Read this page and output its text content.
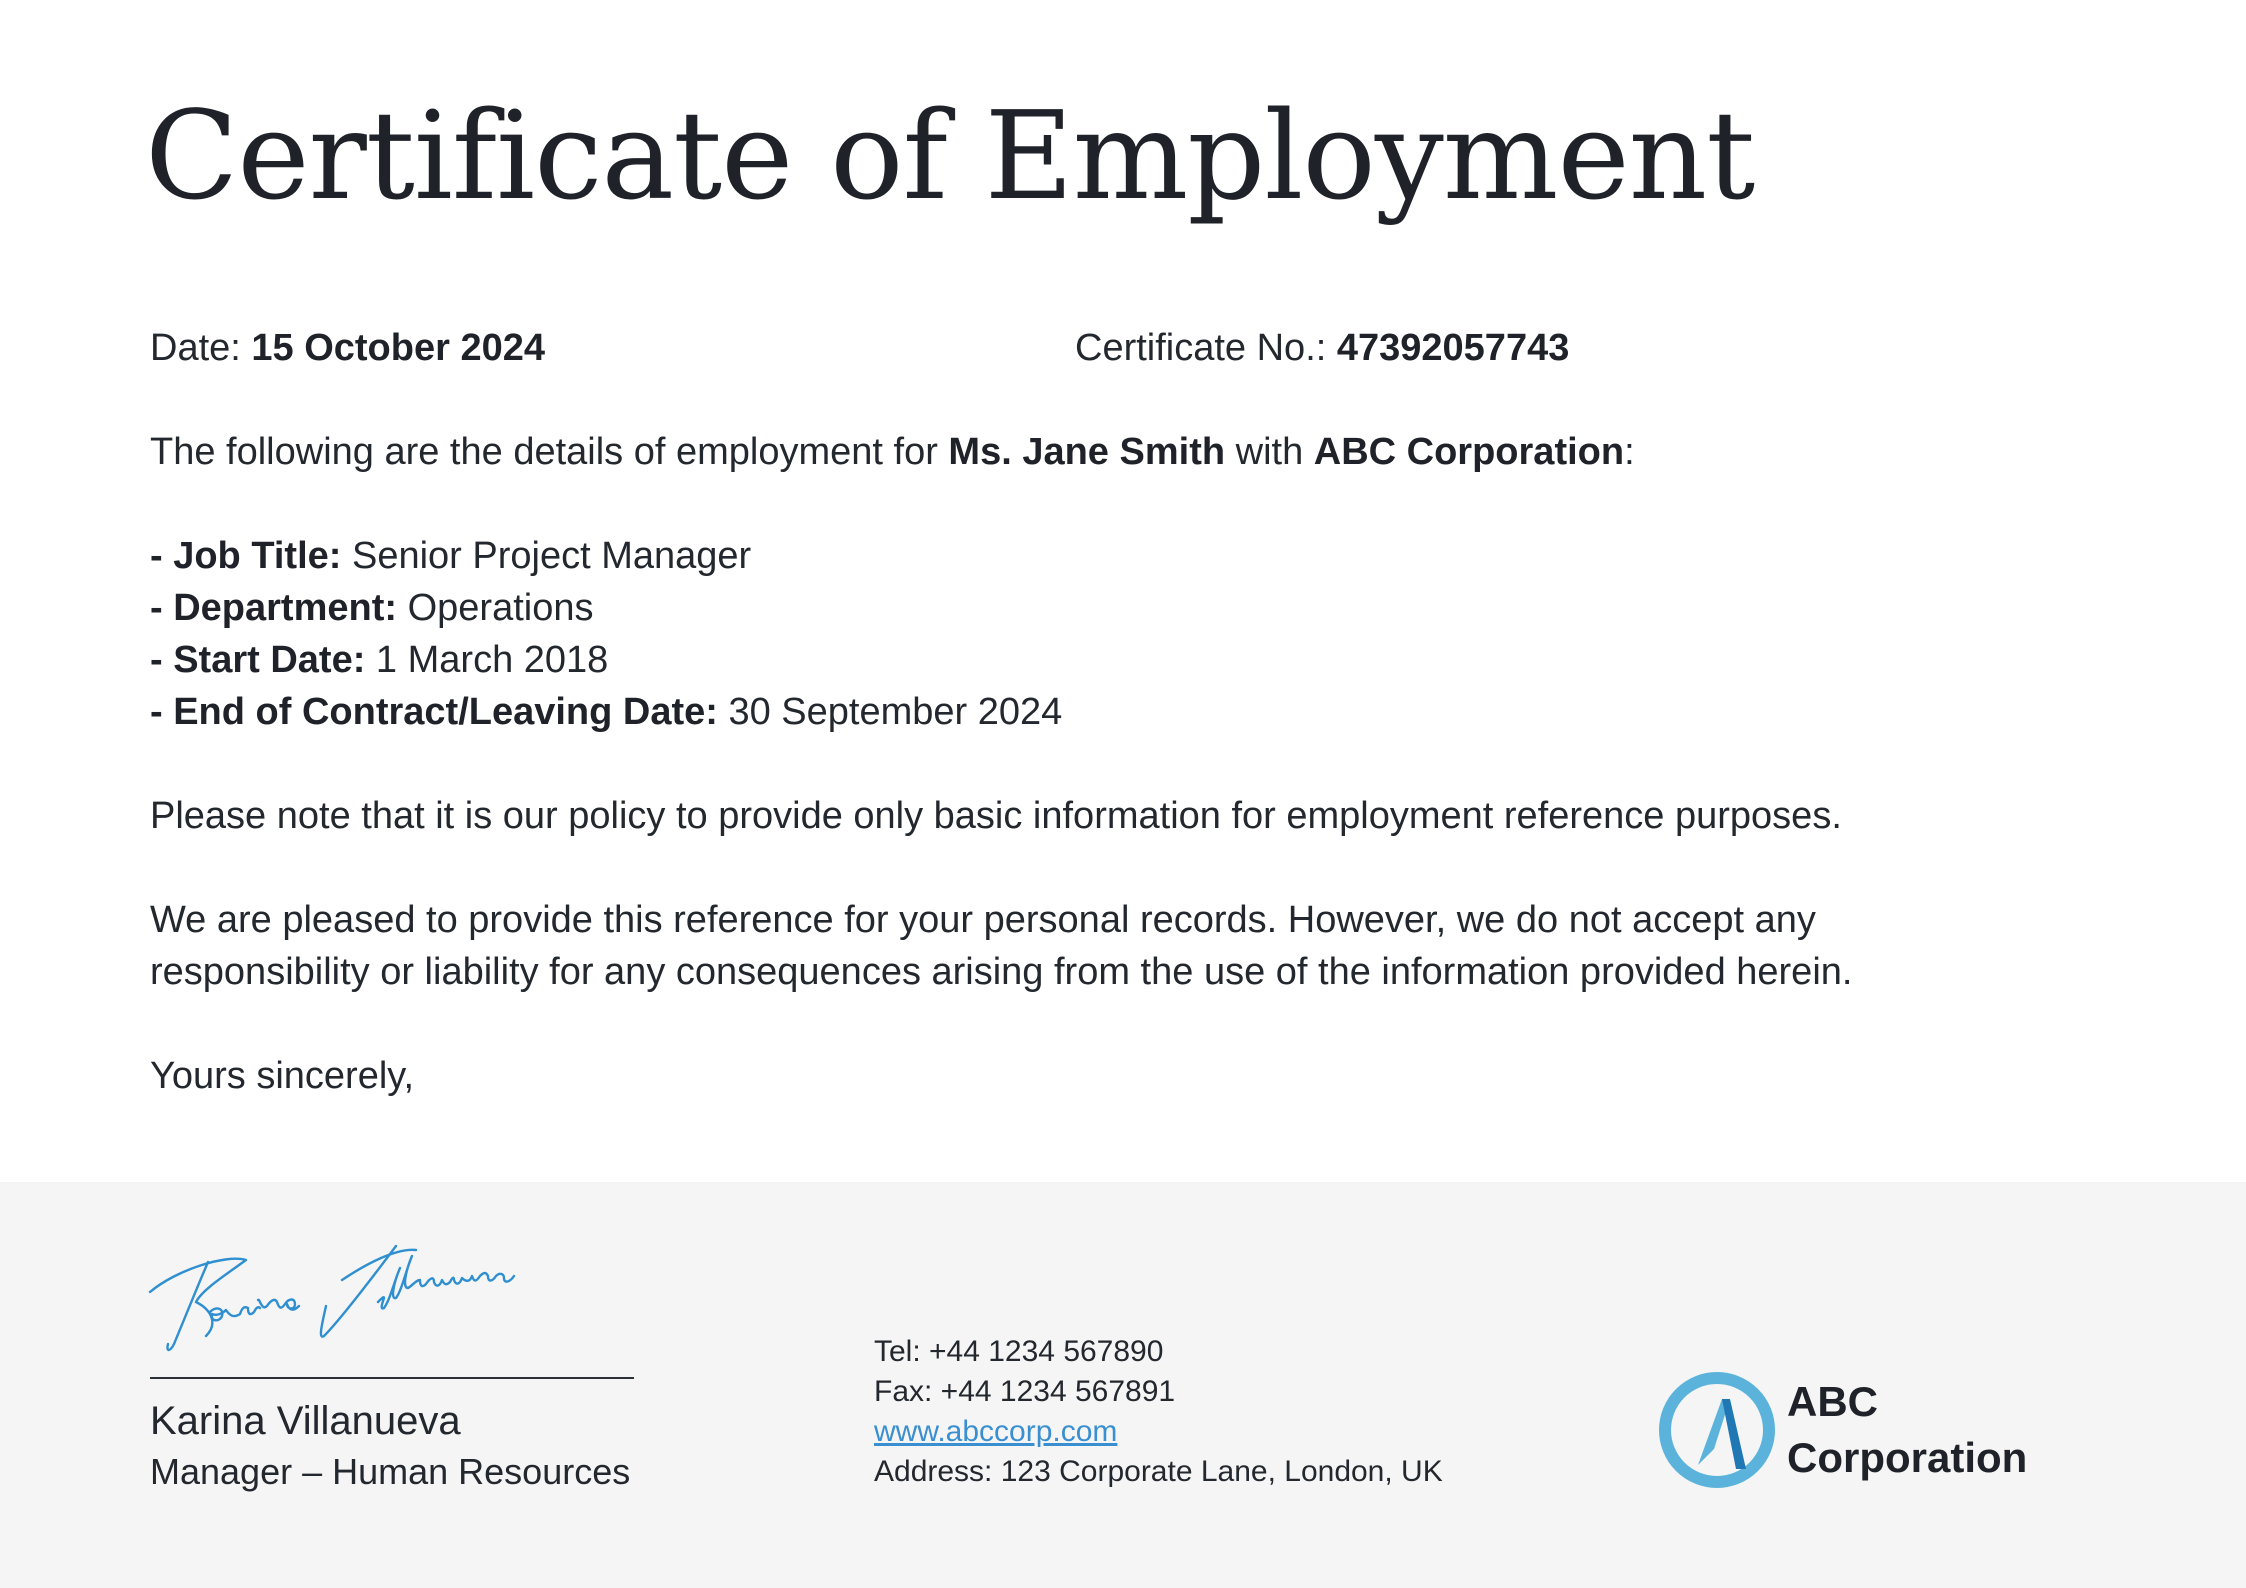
Certificate of Employment
Date: 15 October 2024	Certificate No.: 47392057743
The following are the details of employment for Ms. Jane Smith with ABC Corporation:
- Job Title: Senior Project Manager
- Department: Operations
- Start Date: 1 March 2018
- End of Contract/Leaving Date: 30 September 2024
Please note that it is our policy to provide only basic information for employment reference purposes.

We are pleased to provide this reference for your personal records. However, we do not accept any responsibility or liability for any consequences arising from the use of the information provided herein.

Yours sincerely,
Karina Villanueva
Manager – Human Resources
Tel: +44 1234 567890
Fax: +44 1234 567891
www.abccorp.com
Address: 123 Corporate Lane, London, UK
ABC
Corporation
